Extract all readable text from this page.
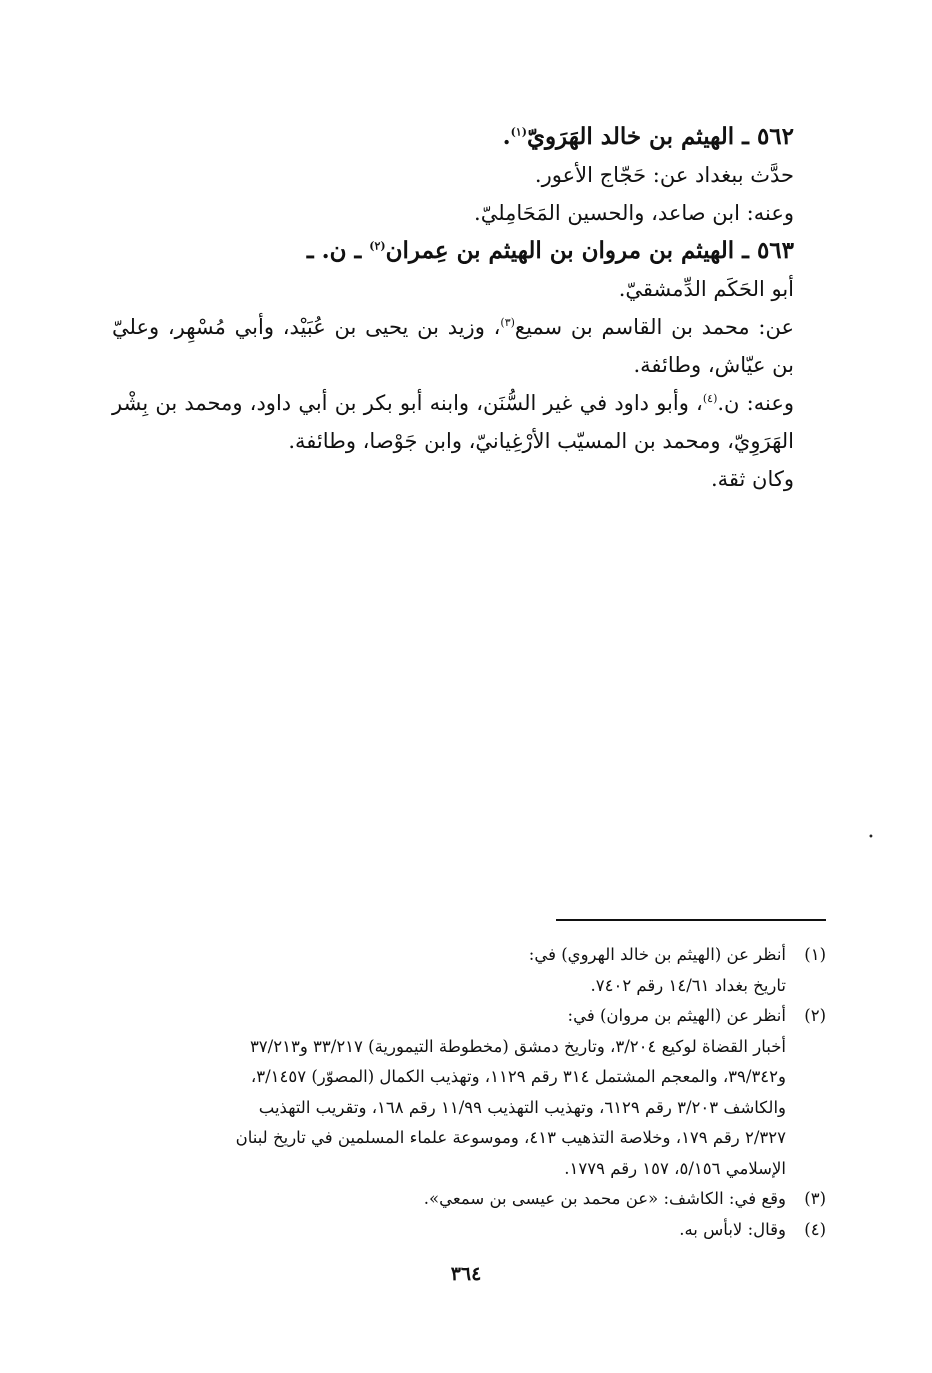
٥٦٢ ـ الهيثم بن خالد الهَرَويّ$^{(١)}$.

حدَّث ببغداد عن: حَجّاج الأعور.

وعنه: ابن صاعد، والحسين المَحَامِليّ.

٥٦٣ ـ الهيثم بن مروان بن الهيثم بن عِمران$^{(٢)}$ ـ ن. ـ

أبو الحَكَم الدِّمشقيّ.

عن: محمد بن القاسم بن سميع$^{(٣)}$، وزيد بن يحيى بن عُبَيْد، وأبي مُسْهِر، وعليّ بن عيّاش، وطائفة.

وعنه: ن.$^{(٤)}$، وأبو داود في غير السُّنَن، وابنه أبو بكر بن أبي داود، ومحمد بن بِشْر الهَرَوِيّ، ومحمد بن المسيّب الأرْغِيانيّ، وابن جَوْصا، وطائفة.

وكان ثقة.

•
(١)
أنظر عن (الهيثم بن خالد الهروي) في:
تاريخ بغداد ١٤/٦١ رقم ٧٤٠٢.
(٢)
أنظر عن (الهيثم بن مروان) في:
أخبار القضاة لوكيع ٣/٢٠٤، وتاريخ دمشق (مخطوطة التيمورية) ٣٣/٢١٧ و٣٧/٢١٣
و٣٩/٣٤٢، والمعجم المشتمل ٣١٤ رقم ١١٢٩، وتهذيب الكمال (المصوّر) ٣/١٤٥٧،
والكاشف ٣/٢٠٣ رقم ٦١٢٩، وتهذيب التهذيب ١١/٩٩ رقم ١٦٨، وتقريب التهذيب
٢/٣٢٧ رقم ١٧٩، وخلاصة التذهيب ٤١٣، وموسوعة علماء المسلمين في تاريخ لبنان
الإسلامي ٥/١٥٦، ١٥٧ رقم ١٧٧٩.
(٣)
وقع في: الكاشف: «عن محمد بن عيسى بن سمعي».
(٤)
وقال: لابأس به.
٣٦٤
